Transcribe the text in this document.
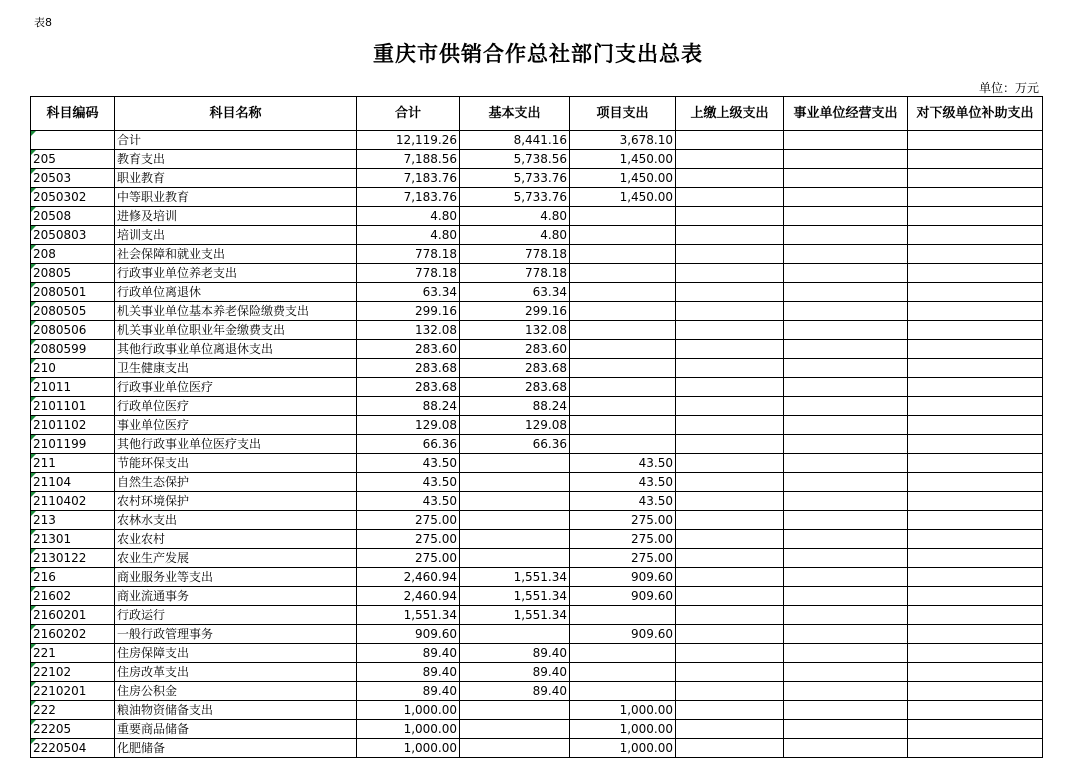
表8
重庆市供销合作总社部门支出总表
单位：万元
科目编码	科目名称	合计	基本支出	项目支出	上缴上级支出	事业单位经营支出	对下级单位补助支出

	合计	12,119.26	8,441.16	3,678.10			

205	教育支出	7,188.56	5,738.56	1,450.00			

20503	职业教育	7,183.76	5,733.76	1,450.00			

2050302	中等职业教育	7,183.76	5,733.76	1,450.00			

20508	进修及培训	4.80	4.80				

2050803	培训支出	4.80	4.80				

208	社会保障和就业支出	778.18	778.18				

20805	行政事业单位养老支出	778.18	778.18				

2080501	行政单位离退休	63.34	63.34				

2080505	机关事业单位基本养老保险缴费支出	299.16	299.16				

2080506	机关事业单位职业年金缴费支出	132.08	132.08				

2080599	其他行政事业单位离退休支出	283.60	283.60				

210	卫生健康支出	283.68	283.68				

21011	行政事业单位医疗	283.68	283.68				

2101101	行政单位医疗	88.24	88.24				

2101102	事业单位医疗	129.08	129.08				

2101199	其他行政事业单位医疗支出	66.36	66.36				

211	节能环保支出	43.50		43.50			

21104	自然生态保护	43.50		43.50			

2110402	农村环境保护	43.50		43.50			

213	农林水支出	275.00		275.00			

21301	农业农村	275.00		275.00			

2130122	农业生产发展	275.00		275.00			

216	商业服务业等支出	2,460.94	1,551.34	909.60			

21602	商业流通事务	2,460.94	1,551.34	909.60			

2160201	行政运行	1,551.34	1,551.34				

2160202	一般行政管理事务	909.60		909.60			

221	住房保障支出	89.40	89.40				

22102	住房改革支出	89.40	89.40				

2210201	住房公积金	89.40	89.40				

222	粮油物资储备支出	1,000.00		1,000.00			

22205	重要商品储备	1,000.00		1,000.00			

2220504	化肥储备	1,000.00		1,000.00			
